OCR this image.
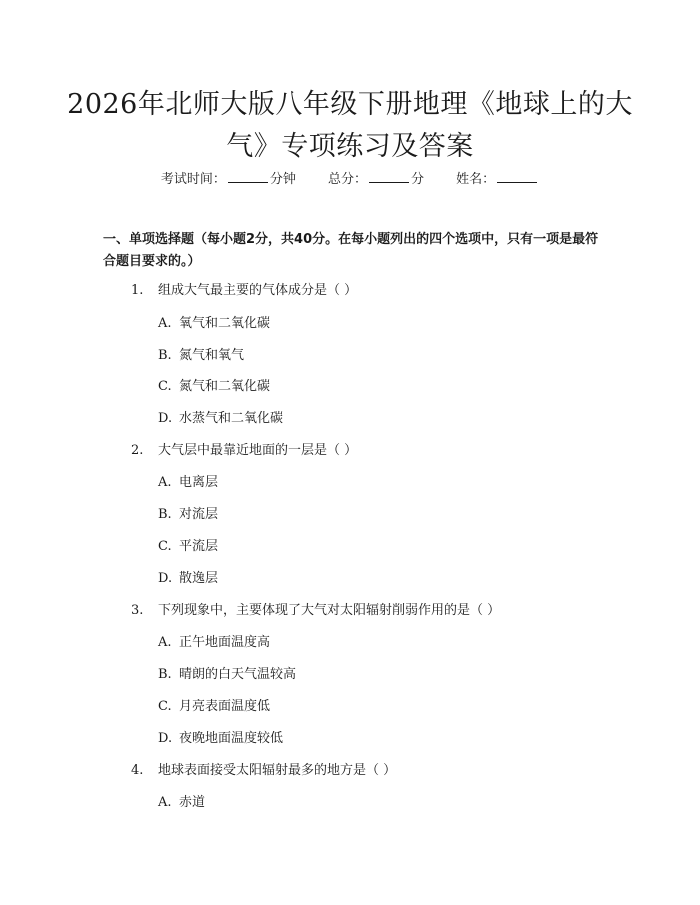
2026年北师大版八年级下册地理《地球上的大气》专项练习及答案
考试时间：	分钟 总分：	分 姓名：
一、单项选择题（每小题2分，共40分。在每小题列出的四个选项中，只有一项是最符合题目要求的。）
1. 组成大气最主要的气体成分是（ ）
A. 氧气和二氧化碳
B. 氮气和氧气
C. 氮气和二氧化碳
D. 水蒸气和二氧化碳
2. 大气层中最靠近地面的一层是（ ）
A. 电离层
B. 对流层
C. 平流层
D. 散逸层
3. 下列现象中，主要体现了大气对太阳辐射削弱作用的是（ ）
A. 正午地面温度高
B. 晴朗的白天气温较高
C. 月亮表面温度低
D. 夜晚地面温度较低
4. 地球表面接受太阳辐射最多的地方是（ ）
A. 赤道
